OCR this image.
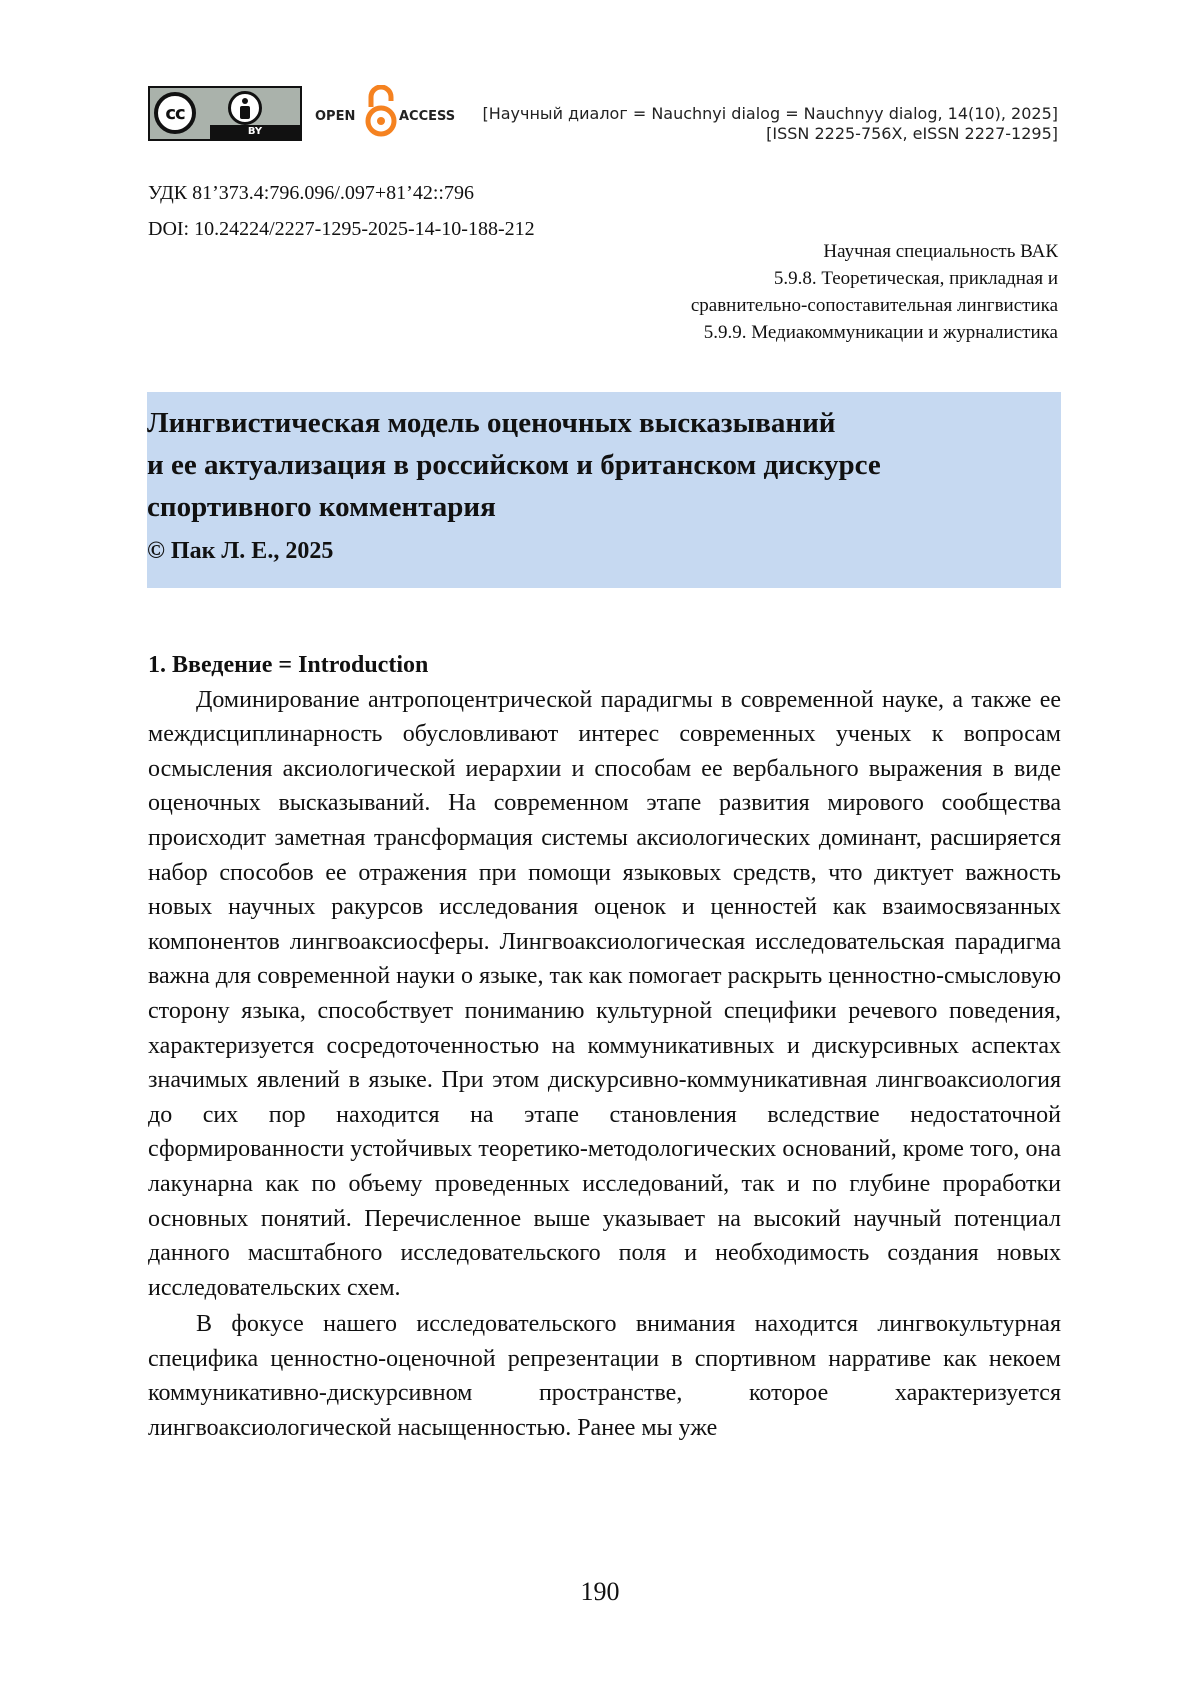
cc
BY
OPEN	ACCESS [Научный диалог = Nauchnyi dialog = Nauchnyy dialog, 14(10), 2025]
[ISSN 2225-756X, eISSN 2227-1295]
УДК 81’373.4:796.096/.097+81’42::796
DOI: 10.24224/2227-1295-2025-14-10-188-212
Научная специальность ВАК
5.9.8. Теоретическая, прикладная и
сравнительно-сопоставительная лингвистика
5.9.9. Медиакоммуникации и журналистика
Лингвистическая модель оценочных высказываний
и ее актуализация в российском и британском дискурсе
спортивного комментария
© Пак Л. Е., 2025
1. Введение = Introduction

Доминирование антропоцентрической парадигмы в современной науке, а также ее междисциплинарность обусловливают интерес современных ученых к вопросам осмысления аксиологической иерархии и способам ее вербального выражения в виде оценочных высказываний. На современном этапе развития мирового сообщества происходит заметная трансформация системы аксиологических доминант, расширяется набор способов ее отражения при помощи языковых средств, что диктует важность новых научных ракурсов исследования оценок и ценностей как взаимосвязанных компонентов лингвоаксиосферы. Лингвоаксиологическая исследовательская парадигма важна для современной науки о языке, так как помогает раскрыть ценностно-смысловую сторону языка, способствует пониманию культурной специфики речевого поведения, характеризуется сосредоточенностью на коммуникативных и дискурсивных аспектах значимых явлений в языке. При этом дискурсивно-коммуникативная лингвоаксиология до сих пор находится на этапе становления вследствие недостаточной сформированности устойчивых теоретико-методологических оснований, кроме того, она лакунарна как по объему проведенных исследований, так и по глубине проработки основных понятий. Перечисленное выше указывает на высокий научный потенциал данного масштабного исследовательского поля и необходимость создания новых исследовательских схем.

В фокусе нашего исследовательского внимания находится лингвокультурная специфика ценностно-оценочной репрезентации в спортивном нарративе как некоем коммуникативно-дискурсивном пространстве, которое характеризуется лингвоаксиологической насыщенностью. Ранее мы уже

190
